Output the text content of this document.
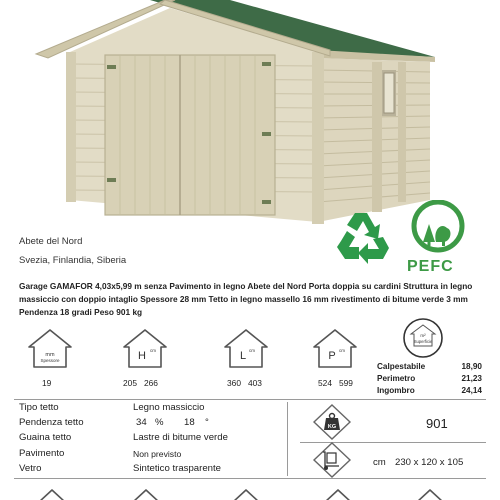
Abete del Nord
Svezia, Finlandia, Siberia	PEFC
Garage GAMAFOR 4,03x5,99 m senza Pavimento in legno Abete del Nord Porta doppia su cardini Struttura in legno massiccio con doppio intaglio Spessore 28 mm Tetto in legno massello 16 mm rivestimento di bitume verde 3 mm Pendenza 18 gradi Peso 901 kg
mm
Spessore	H cm	L cm	P cm
m²
Superficie
19	205   266	360   403	524   599
Calpestabile	18,90
Perimetro	21,23
Ingombro	24,14
Tipo tetto	Legno massiccio
Pendenza tetto	34 % 18 °
Guaina tetto	Lastre di bitume verde
Pavimento	Non previsto
Vetro	Sintetico trasparente
KG	901
cm 230 x 120 x 105
